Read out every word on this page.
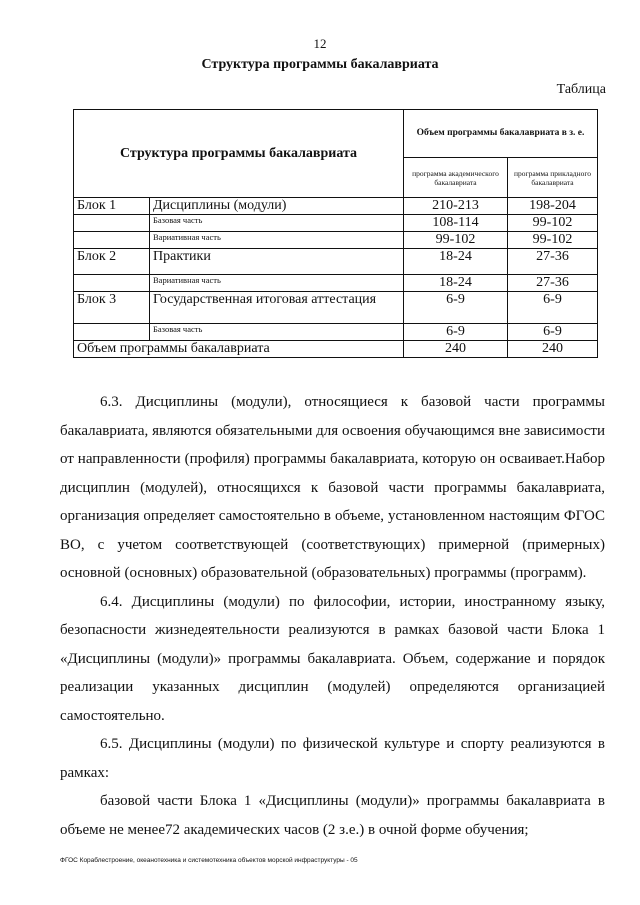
12
Структура программы бакалавриата
Таблица
Структура программы бакалавриата		Объем программы бакалавриата в з. е.	
		программа академического бакалавриата	программа прикладного бакалавриата
Блок 1	Дисциплины (модули)	210-213	198-204
	Базовая часть	108-114	99-102
	Вариативная часть	99-102	99-102
Блок 2	Практики	18-24	27-36
	Вариативная часть	18-24	27-36
Блок 3	Государственная итоговая аттестация	6-9	6-9
	Базовая часть	6-9	6-9
Объем программы бакалавриата		240	240

6.3. Дисциплины (модули), относящиеся к базовой части программы бакалавриата, являются обязательными для освоения обучающимся вне зависимости от направленности (профиля) программы бакалавриата, которую он осваивает.Набор дисциплин (модулей), относящихся к базовой части программы бакалавриата, организация определяет самостоятельно в объеме, установленном настоящим ФГОС ВО, с учетом соответствующей (соответствующих) примерной (примерных) основной (основных) образовательной (образовательных) программы (программ).

6.4. Дисциплины (модули) по философии, истории, иностранному языку, безопасности жизнедеятельности реализуются в рамках базовой части Блока 1 «Дисциплины (модули)» программы бакалавриата. Объем, содержание и порядок реализации указанных дисциплин (модулей) определяются организацией самостоятельно.

6.5. Дисциплины (модули) по физической культуре и спорту реализуются в рамках:

базовой части Блока 1 «Дисциплины (модули)» программы бакалавриата в объеме не менее72 академических часов (2 з.е.) в очной форме обучения;

ФГОС Кораблестроение, океанотехника и системотехника объектов морской инфраструктуры - 05
